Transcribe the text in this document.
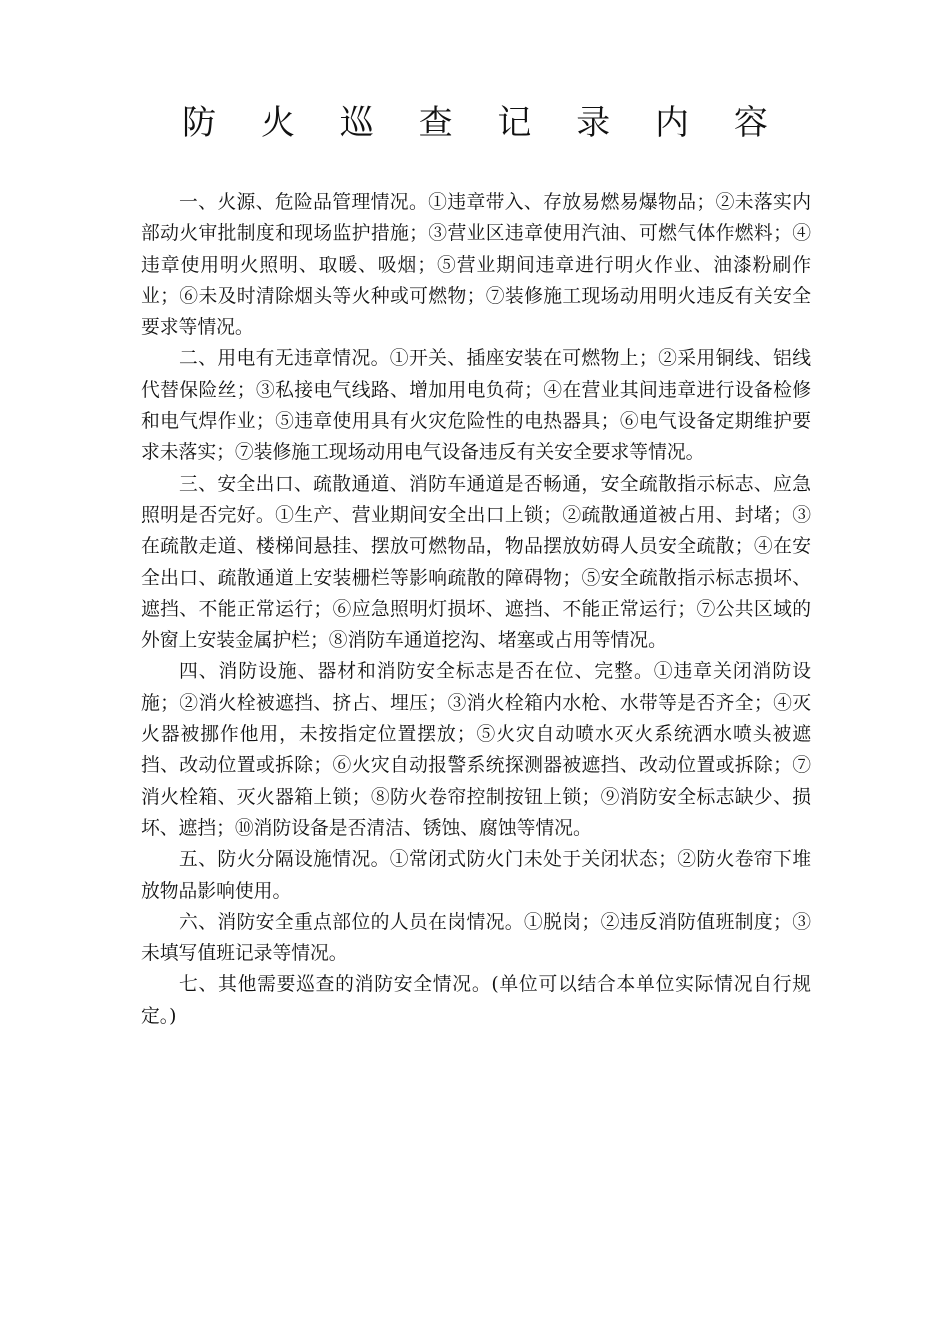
防 火 巡 查 记 录 内 容

一、火源、危险品管理情况。①违章带入、存放易燃易爆物品；②未落实内部动火审批制度和现场监护措施；③营业区违章使用汽油、可燃气体作燃料；④违章使用明火照明、取暖、吸烟；⑤营业期间违章进行明火作业、油漆粉刷作业；⑥未及时清除烟头等火种或可燃物；⑦装修施工现场动用明火违反有关安全要求等情况。

二、用电有无违章情况。①开关、插座安装在可燃物上；②采用铜线、铝线代替保险丝；③私接电气线路、增加用电负荷；④在营业其间违章进行设备检修和电气焊作业；⑤违章使用具有火灾危险性的电热器具；⑥电气设备定期维护要求未落实；⑦装修施工现场动用电气设备违反有关安全要求等情况。

三、安全出口、疏散通道、消防车通道是否畅通，安全疏散指示标志、应急照明是否完好。①生产、营业期间安全出口上锁；②疏散通道被占用、封堵；③在疏散走道、楼梯间悬挂、摆放可燃物品，物品摆放妨碍人员安全疏散；④在安全出口、疏散通道上安装栅栏等影响疏散的障碍物；⑤安全疏散指示标志损坏、遮挡、不能正常运行；⑥应急照明灯损坏、遮挡、不能正常运行；⑦公共区域的外窗上安装金属护栏；⑧消防车通道挖沟、堵塞或占用等情况。

四、消防设施、器材和消防安全标志是否在位、完整。①违章关闭消防设施；②消火栓被遮挡、挤占、埋压；③消火栓箱内水枪、水带等是否齐全；④灭火器被挪作他用，未按指定位置摆放；⑤火灾自动喷水灭火系统洒水喷头被遮挡、改动位置或拆除；⑥火灾自动报警系统探测器被遮挡、改动位置或拆除；⑦消火栓箱、灭火器箱上锁；⑧防火卷帘控制按钮上锁；⑨消防安全标志缺少、损坏、遮挡；⑩消防设备是否清洁、锈蚀、腐蚀等情况。

五、防火分隔设施情况。①常闭式防火门未处于关闭状态；②防火卷帘下堆放物品影响使用。

六、消防安全重点部位的人员在岗情况。①脱岗；②违反消防值班制度；③未填写值班记录等情况。

七、其他需要巡查的消防安全情况。(单位可以结合本单位实际情况自行规定。)
